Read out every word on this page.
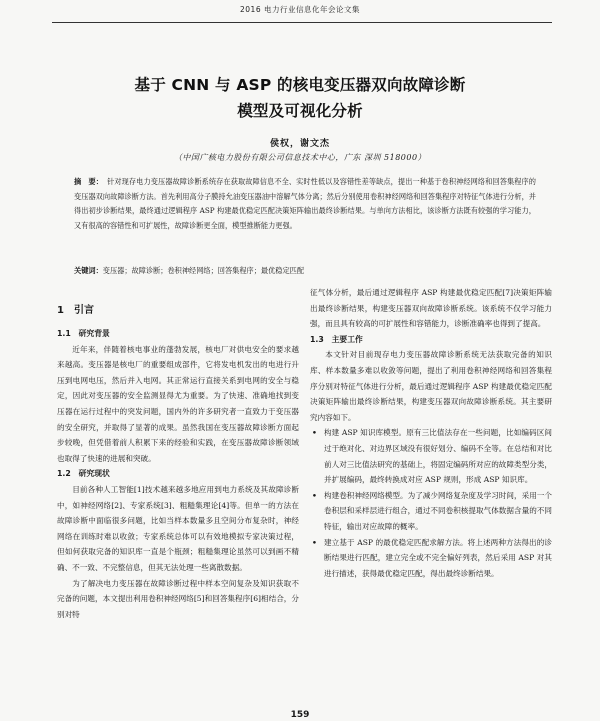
2016 电力行业信息化年会论文集
基于 CNN 与 ASP 的核电变压器双向故障诊断
模型及可视化分析
侯权，谢文杰
（中国广核电力股份有限公司信息技术中心，广东 深圳 518000）
摘　要： 针对现存电力变压器故障诊断系统存在获取故障信息不全、实时性低以及容错性差等缺点，提出一种基于卷积神经网络和回答集程序的变压器双向故障诊断方法。首先利用高分子膜持允油变压器油中溶解气体分离；然后分别使用卷积神经网络和回答集程序对特征气体进行分析，并得出初步诊断结果，最终通过逻辑程序 ASP 构建最优稳定匹配决策矩阵输出最终诊断结果。与单向方法相比，该诊断方法既有较强的学习能力，又有很高的容错性和可扩展性，故障诊断更全面，模型推断能力更强。
关键词：变压器；故障诊断；卷积神经网络；回答集程序；最优稳定匹配
1　引言
1.1　研究背景

近年来，伴随着核电事业的蓬勃发展，核电厂对供电安全的要求越来越高。变压器是核电厂的重要组成部件，它将发电机发出的电进行升压到电网电压，然后并入电网。其正常运行直接关系到电网的安全与稳定，因此对变压器的安全监测显得尤为重要。为了快速、准确地找到变压器在运行过程中的突发问题，国内外的许多研究者一直致力于变压器的安全研究，并取得了显著的成果。虽然我国在变压器故障诊断方面起步较晚，但凭借着前人积累下来的经验和实践，在变压器故障诊断领域也取得了快速的进展和突破。

1.2　研究现状

目前各种人工智能[1]技术越来越多地应用到电力系统及其故障诊断中，如神经网络[2]、专家系统[3]、粗糙集理论[4]等。但单一的方法在故障诊断中面临很多问题，比如当样本数量多且空间分布复杂时，神经网络在训练时难以收敛；专家系统总体可以有效地模拟专家决策过程，但如何获取完备的知识库一直是个瓶颈；粗糙集理论虽然可以到画不精确、不一致、不完整信息，但其无法处理一些离散数据。

为了解决电力变压器在故障诊断过程中样本空间复杂及知识获取不完备的问题，本文提出利用卷积神经网络[5]和回答集程序[6]相结合，分别对特

征气体分析，最后通过逻辑程序 ASP 构建最优稳定匹配[7]决策矩阵输出最终诊断结果，构建变压器双向故障诊断系统。该系统不仅学习能力强，而且具有较高的可扩展性和容错能力，诊断准确率也得到了提高。

1.3　主要工作

本文针对目前现存电力变压器故障诊断系统无法获取完备的知识库、样本数量多难以收敛等问题，提出了利用卷积神经网络和回答集程序分别对特征气体进行分析，最后通过逻辑程序 ASP 构建最优稳定匹配决策矩阵输出最终诊断结果，构建变压器双向故障诊断系统。其主要研究内容如下。

• 构建 ASP 知识库模型。原有三比值法存在一些问题，比如编码区间过于绝对化、对边界区域没有很好划分、编码不全等。在总结和对比前人对三比值法研究的基础上，将固定编码所对应的故障类型分类，并扩展编码，最终转换成对应 ASP 规则，形成 ASP 知识库。
• 构建卷积神经网络模型。为了减少网络复杂度及学习时间，采用一个卷积层和采样层进行组合，通过不同卷积核提取气体数据含量的不同特征，输出对应故障的概率。
• 建立基于 ASP 的最优稳定匹配求解方法。将上述两种方法得出的诊断结果进行匹配，建立完全或不完全偏好列表，然后采用 ASP 对其进行描述，获得最优稳定匹配，得出最终诊断结果。
159
